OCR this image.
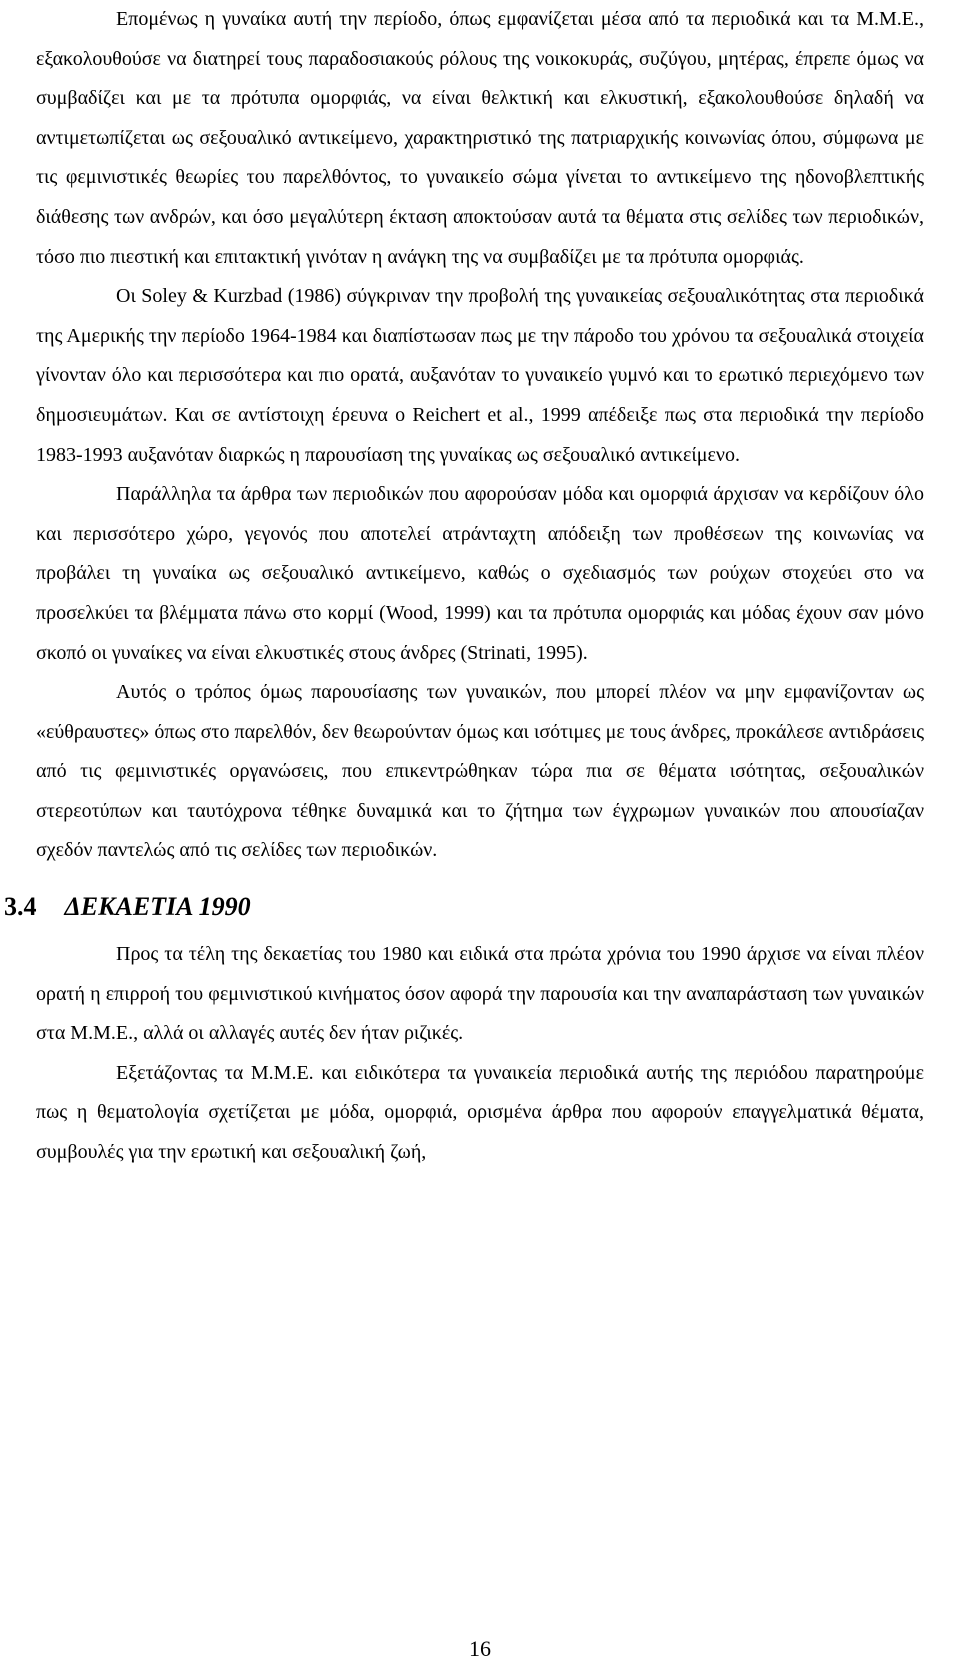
Επομένως η γυναίκα αυτή την περίοδο, όπως εμφανίζεται μέσα από τα περιοδικά και τα Μ.Μ.Ε., εξακολουθούσε να διατηρεί τους παραδοσιακούς ρόλους της νοικοκυράς, συζύγου, μητέρας, έπρεπε όμως να συμβαδίζει και με τα πρότυπα ομορφιάς, να είναι θελκτική και ελκυστική, εξακολουθούσε δηλαδή να αντιμετωπίζεται ως σεξουαλικό αντικείμενο, χαρακτηριστικό της πατριαρχικής κοινωνίας όπου, σύμφωνα με τις φεμινιστικές θεωρίες του παρελθόντος, το γυναικείο σώμα γίνεται το αντικείμενο της ηδονοβλεπτικής διάθεσης των ανδρών, και όσο μεγαλύτερη έκταση αποκτούσαν αυτά τα θέματα στις σελίδες των περιοδικών, τόσο πιο πιεστική και επιτακτική γινόταν η ανάγκη της να συμβαδίζει με τα πρότυπα ομορφιάς.

Οι Soley & Kurzbad (1986) σύγκριναν την προβολή της γυναικείας σεξουαλικότητας στα περιοδικά της Αμερικής την περίοδο 1964-1984 και διαπίστωσαν πως με την πάροδο του χρόνου τα σεξουαλικά στοιχεία γίνονταν όλο και περισσότερα και πιο ορατά, αυξανόταν το γυναικείο γυμνό και το ερωτικό περιεχόμενο των δημοσιευμάτων. Και σε αντίστοιχη έρευνα ο Reichert et al., 1999 απέδειξε πως στα περιοδικά την περίοδο 1983-1993 αυξανόταν διαρκώς η παρουσίαση της γυναίκας ως σεξουαλικό αντικείμενο.

Παράλληλα τα άρθρα των περιοδικών που αφορούσαν μόδα και ομορφιά άρχισαν να κερδίζουν όλο και περισσότερο χώρο, γεγονός που αποτελεί ατράνταχτη απόδειξη των προθέσεων της κοινωνίας να προβάλει τη γυναίκα ως σεξουαλικό αντικείμενο, καθώς ο σχεδιασμός των ρούχων στοχεύει στο να προσελκύει τα βλέμματα πάνω στο κορμί (Wood, 1999) και τα πρότυπα ομορφιάς και μόδας έχουν σαν μόνο σκοπό οι γυναίκες να είναι ελκυστικές στους άνδρες (Strinati, 1995).

Αυτός ο τρόπος όμως παρουσίασης των γυναικών, που μπορεί πλέον να μην εμφανίζονταν ως «εύθραυστες» όπως στο παρελθόν, δεν θεωρούνταν όμως και ισότιμες με τους άνδρες, προκάλεσε αντιδράσεις από τις φεμινιστικές οργανώσεις, που επικεντρώθηκαν τώρα πια σε θέματα ισότητας, σεξουαλικών στερεοτύπων και ταυτόχρονα τέθηκε δυναμικά και το ζήτημα των έγχρωμων γυναικών που απουσίαζαν σχεδόν παντελώς από τις σελίδες των περιοδικών.

3.4 ΔΕΚΑΕΤΙΑ 1990

Προς τα τέλη της δεκαετίας του 1980 και ειδικά στα πρώτα χρόνια του 1990 άρχισε να είναι πλέον ορατή η επιρροή του φεμινιστικού κινήματος όσον αφορά την παρουσία και την αναπαράσταση των γυναικών στα Μ.Μ.Ε., αλλά οι αλλαγές αυτές δεν ήταν ριζικές.

Εξετάζοντας τα Μ.Μ.Ε. και ειδικότερα τα γυναικεία περιοδικά αυτής της περιόδου παρατηρούμε πως η θεματολογία σχετίζεται με μόδα, ομορφιά, ορισμένα άρθρα που αφορούν επαγγελματικά θέματα, συμβουλές για την ερωτική και σεξουαλική ζωή,

16
